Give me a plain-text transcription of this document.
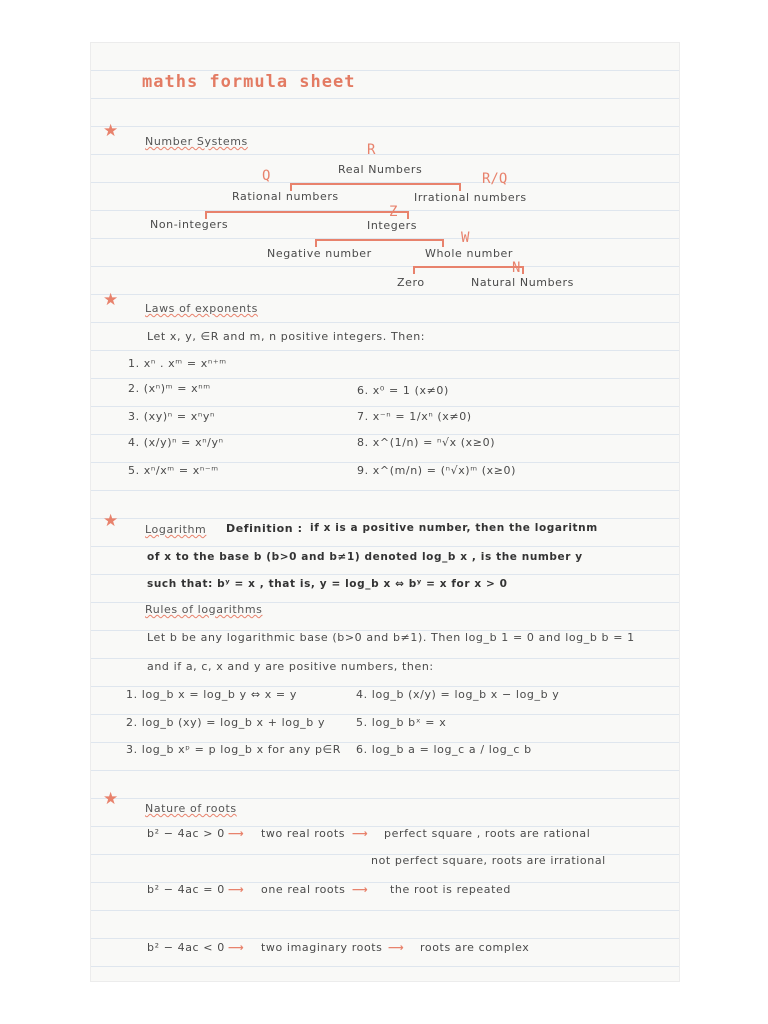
maths formula sheet
★
Number Systems
R
Real Numbers
Q	R/Q
Rational numbers	Irrational numbers
Z
Non-integers	Integers
W
Negative number	Whole number
N
Zero	Natural Numbers
★ Laws of exponents
Let x, y, ∈R and m, n positive integers. Then:
1. xⁿ . xᵐ = xⁿ⁺ᵐ
2. (xⁿ)ᵐ = xⁿᵐ
3. (xy)ⁿ = xⁿyⁿ
4. (x/y)ⁿ = xⁿ/yⁿ
5. xⁿ/xᵐ = xⁿ⁻ᵐ
6. x⁰ = 1 (x≠0)
7. x⁻ⁿ = 1/xⁿ (x≠0)
8. x^(1/n) = ⁿ√x (x≥0)
9. x^(m/n) = (ⁿ√x)ᵐ (x≥0)
★ Logarithm Definition : if x is a positive number, then the logaritnm
of x to the base b (b>0 and b≠1) denoted log_b x , is the number y
such that: bʸ = x , that is, y = log_b x ⇔ bʸ = x for x > 0
Rules of logarithms
Let b be any logarithmic base (b>0 and b≠1). Then log_b 1 = 0 and log_b b = 1
and if a, c, x and y are positive numbers, then:
1. log_b x = log_b y ⇔ x = y
2. log_b (xy) = log_b x + log_b y
3. log_b xᵖ = p log_b x for any p∈R
4. log_b (x/y) = log_b x − log_b y
5. log_b bˣ = x
6. log_b a = log_c a / log_c b
★ Nature of roots
b² − 4ac > 0 ⟶ two real roots ⟶ perfect square , roots are rational
not perfect square, roots are irrational
b² − 4ac = 0 ⟶ one real roots ⟶ the root is repeated
b² − 4ac < 0 ⟶ two imaginary roots ⟶ roots are complex
